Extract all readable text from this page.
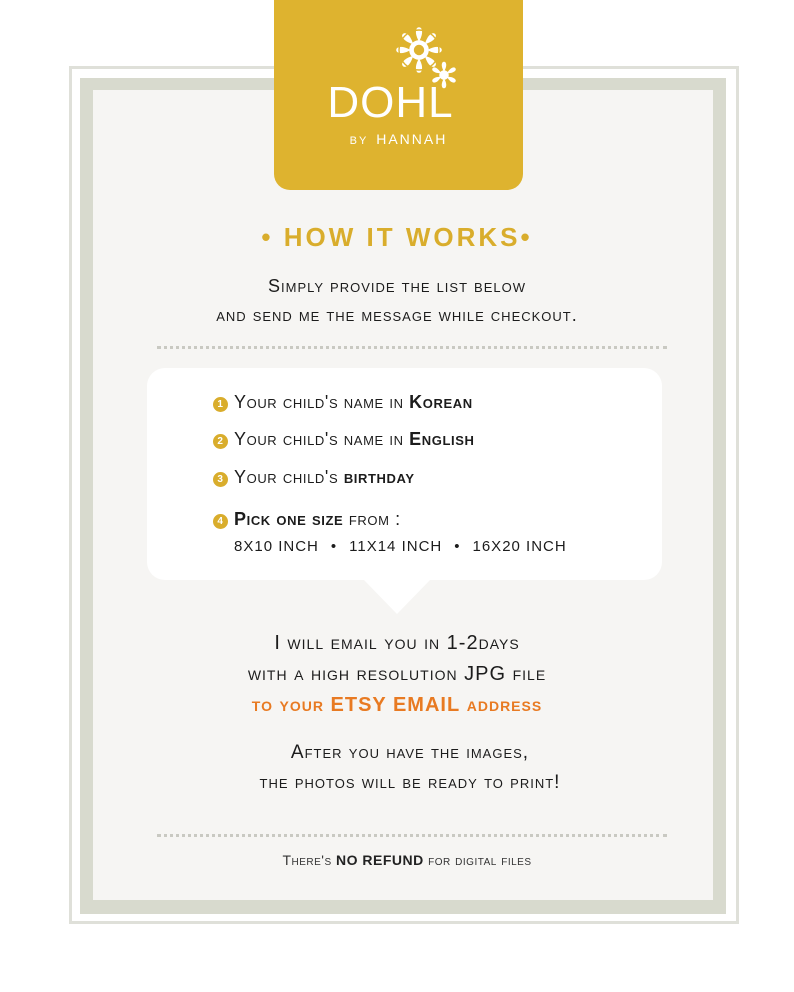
DOHL
BY HANNAH
• HOW IT WORKS•
Simply provide the list below
and send me the message while checkout.
1 Your child's name in Korean
2 Your child's name in English
3 Your child's birthday
4 Pick one size from :
8X10 INCH • 11X14 INCH • 16X20 INCH
I will email you in 1-2days
with a high resolution JPG file
to your ETSY EMAIL address
After you have the images,
the photos will be ready to print!
There's NO REFUND for digital files
